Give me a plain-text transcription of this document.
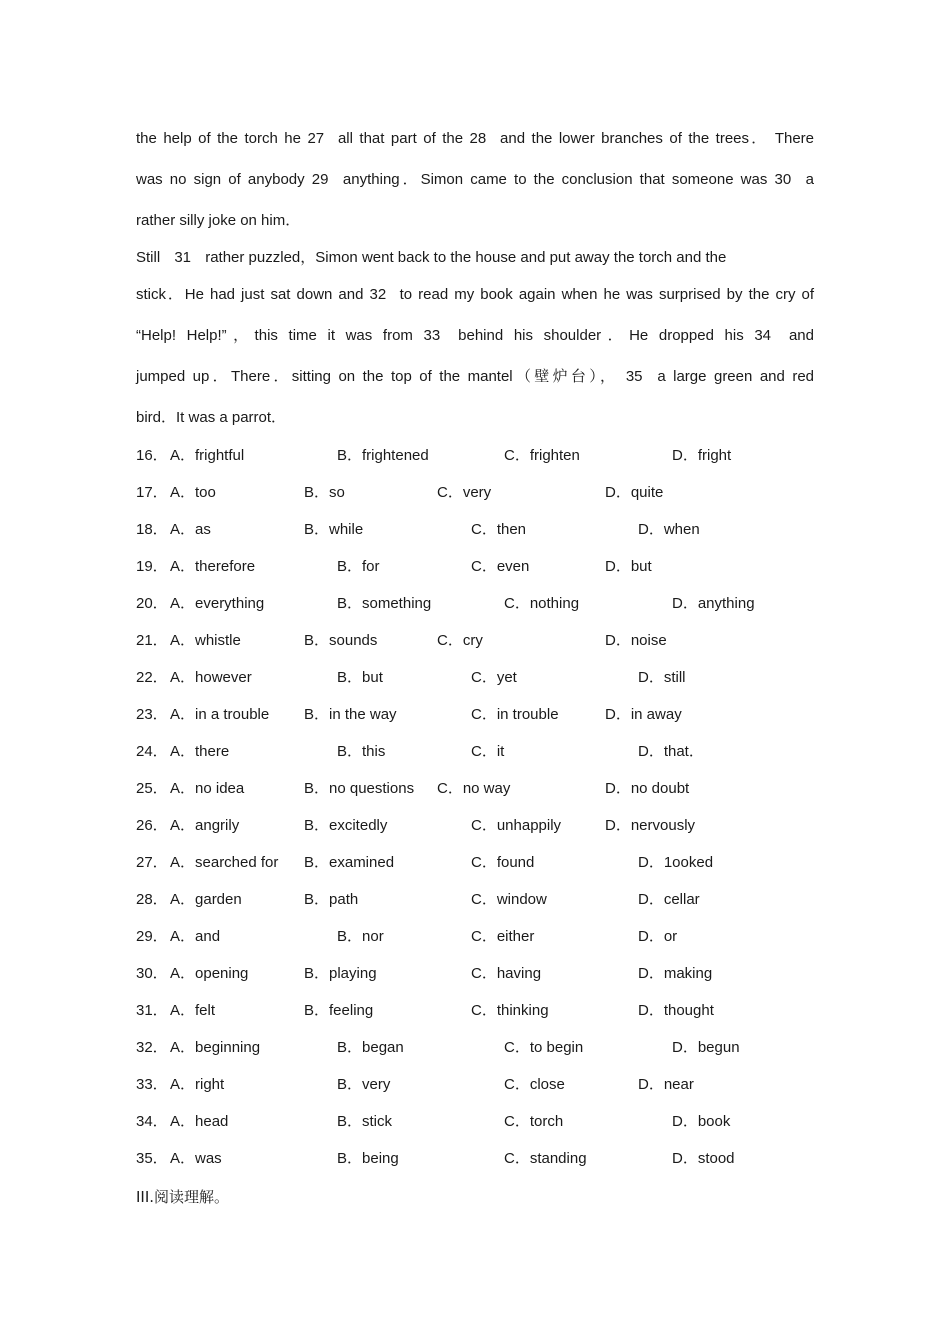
the help of the torch he 27 all that part of the 28 and the lower branches of the trees． There
was no sign of anybody 29 anything．Simon came to the conclusion that someone was 30 a
rather silly joke on him．
Still 31 rather puzzled，Simon went back to the house and put away the torch and the
stick．He had just sat down and 32 to read my book again when he was surprised by the cry of
“Help! Help!”，this time it was from 33 behind his shoulder．He dropped his 34 and
jumped up．There．sitting on the top of the mantel（壁炉台）， 35 a large green and red
bird．It was a parrot．
16． A．frightful	B．frightened	C．frighten	D．fright
17． A．too	B．so	C．very	D．quite
18． A．as	B．while	C．then	D．when
19． A．therefore	B．for	C．even	D．but
20． A．everything	B．something	C．nothing	D．anything
21． A．whistle	B．sounds	C．cry	D．noise
22． A．however	B．but	C．yet	D．still
23． A．in a trouble B．in the way	C．in trouble	D．in away
24． A．there	B．this	C．it	D．that．
25． A．no idea	B．no questions C．no way	D．no doubt
26． A．angrily	B．excitedly	C．unhappily	D．nervously
27． A．searched for B．examined	C．found	D．1ooked
28． A．garden	B．path	C．window	D．cellar
29． A．and	B．nor	C．either	D．or
30． A．opening	B．playing	C．having	D．making
31． A．felt	B．feeling	C．thinking	D．thought
32． A．beginning	B．began	C．to begin	D．begun
33． A．right	B．very	C．close	D．near
34． A．head	B．stick	C．torch	D．book
35． A．was	B．being	C．standing	D．stood
III.阅读理解。
